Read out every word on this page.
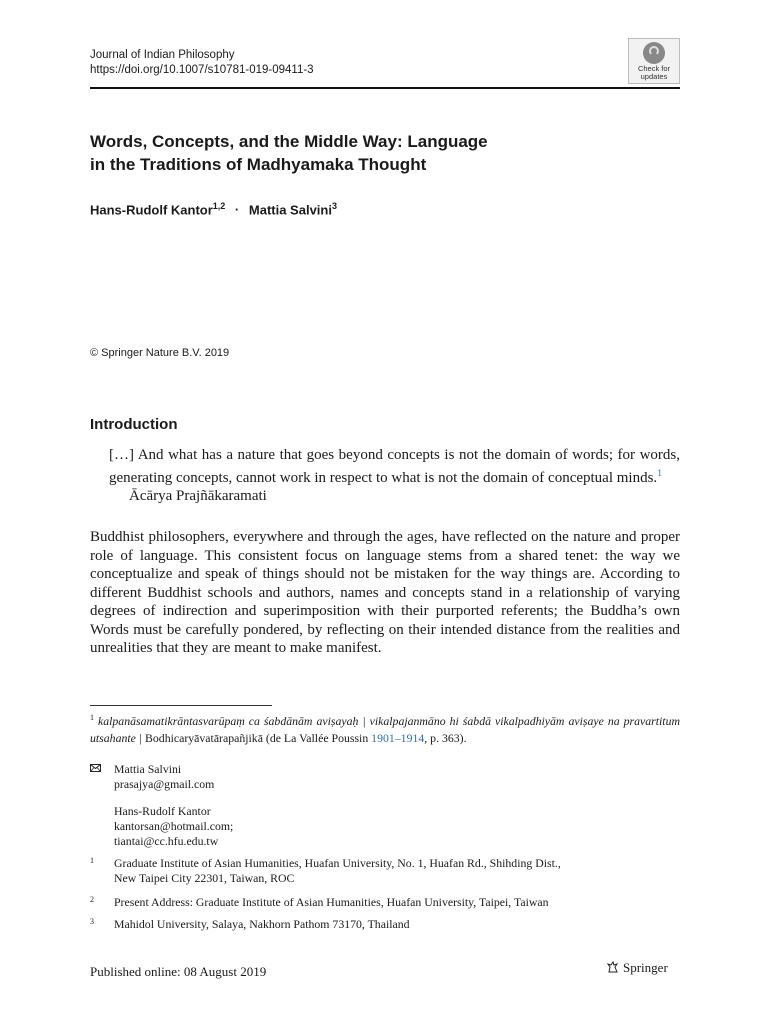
Journal of Indian Philosophy
https://doi.org/10.1007/s10781-019-09411-3	Check for
updates
Words, Concepts, and the Middle Way: Language
in the Traditions of Madhyamaka Thought
Hans-Rudolf Kantor$^{1,2}$ · Mattia Salvini$^3$
© Springer Nature B.V. 2019
Introduction
[…] And what has a nature that goes beyond concepts is not the domain of words; for words, generating concepts, cannot work in respect to what is not the domain of conceptual minds.$^1$
Ācārya Prajñākaramati

Buddhist philosophers, everywhere and through the ages, have reflected on the nature and proper role of language. This consistent focus on language stems from a shared tenet: the way we conceptualize and speak of things should not be mistaken for the way things are. According to different Buddhist schools and authors, names and concepts stand in a relationship of varying degrees of indirection and superimposition with their purported referents; the Buddha’s own Words must be carefully pondered, by reflecting on their intended distance from the realities and unrealities that they are meant to make manifest.

$^1$ kalpanāsamatikrāntasvarūpaṃ ca śabdānām aviṣayaḥ | vikalpajanmāno hi śabdā vikalpadhiyām aviṣaye na pravartitum utsahante | Bodhicaryāvatārapañjikā (de La Vallée Poussin 1901–1914, p. 363).
Mattia Salvini
prasajya@gmail.com
Hans-Rudolf Kantor
kantorsan@hotmail.com;
tiantai@cc.hfu.edu.tw
1 Graduate Institute of Asian Humanities, Huafan University, No. 1, Huafan Rd., Shihding Dist.,
New Taipei City 22301, Taiwan, ROC
2 Present Address: Graduate Institute of Asian Humanities, Huafan University, Taipei, Taiwan
3 Mahidol University, Salaya, Nakhorn Pathom 73170, Thailand
Published online: 08 August 2019	Springer
